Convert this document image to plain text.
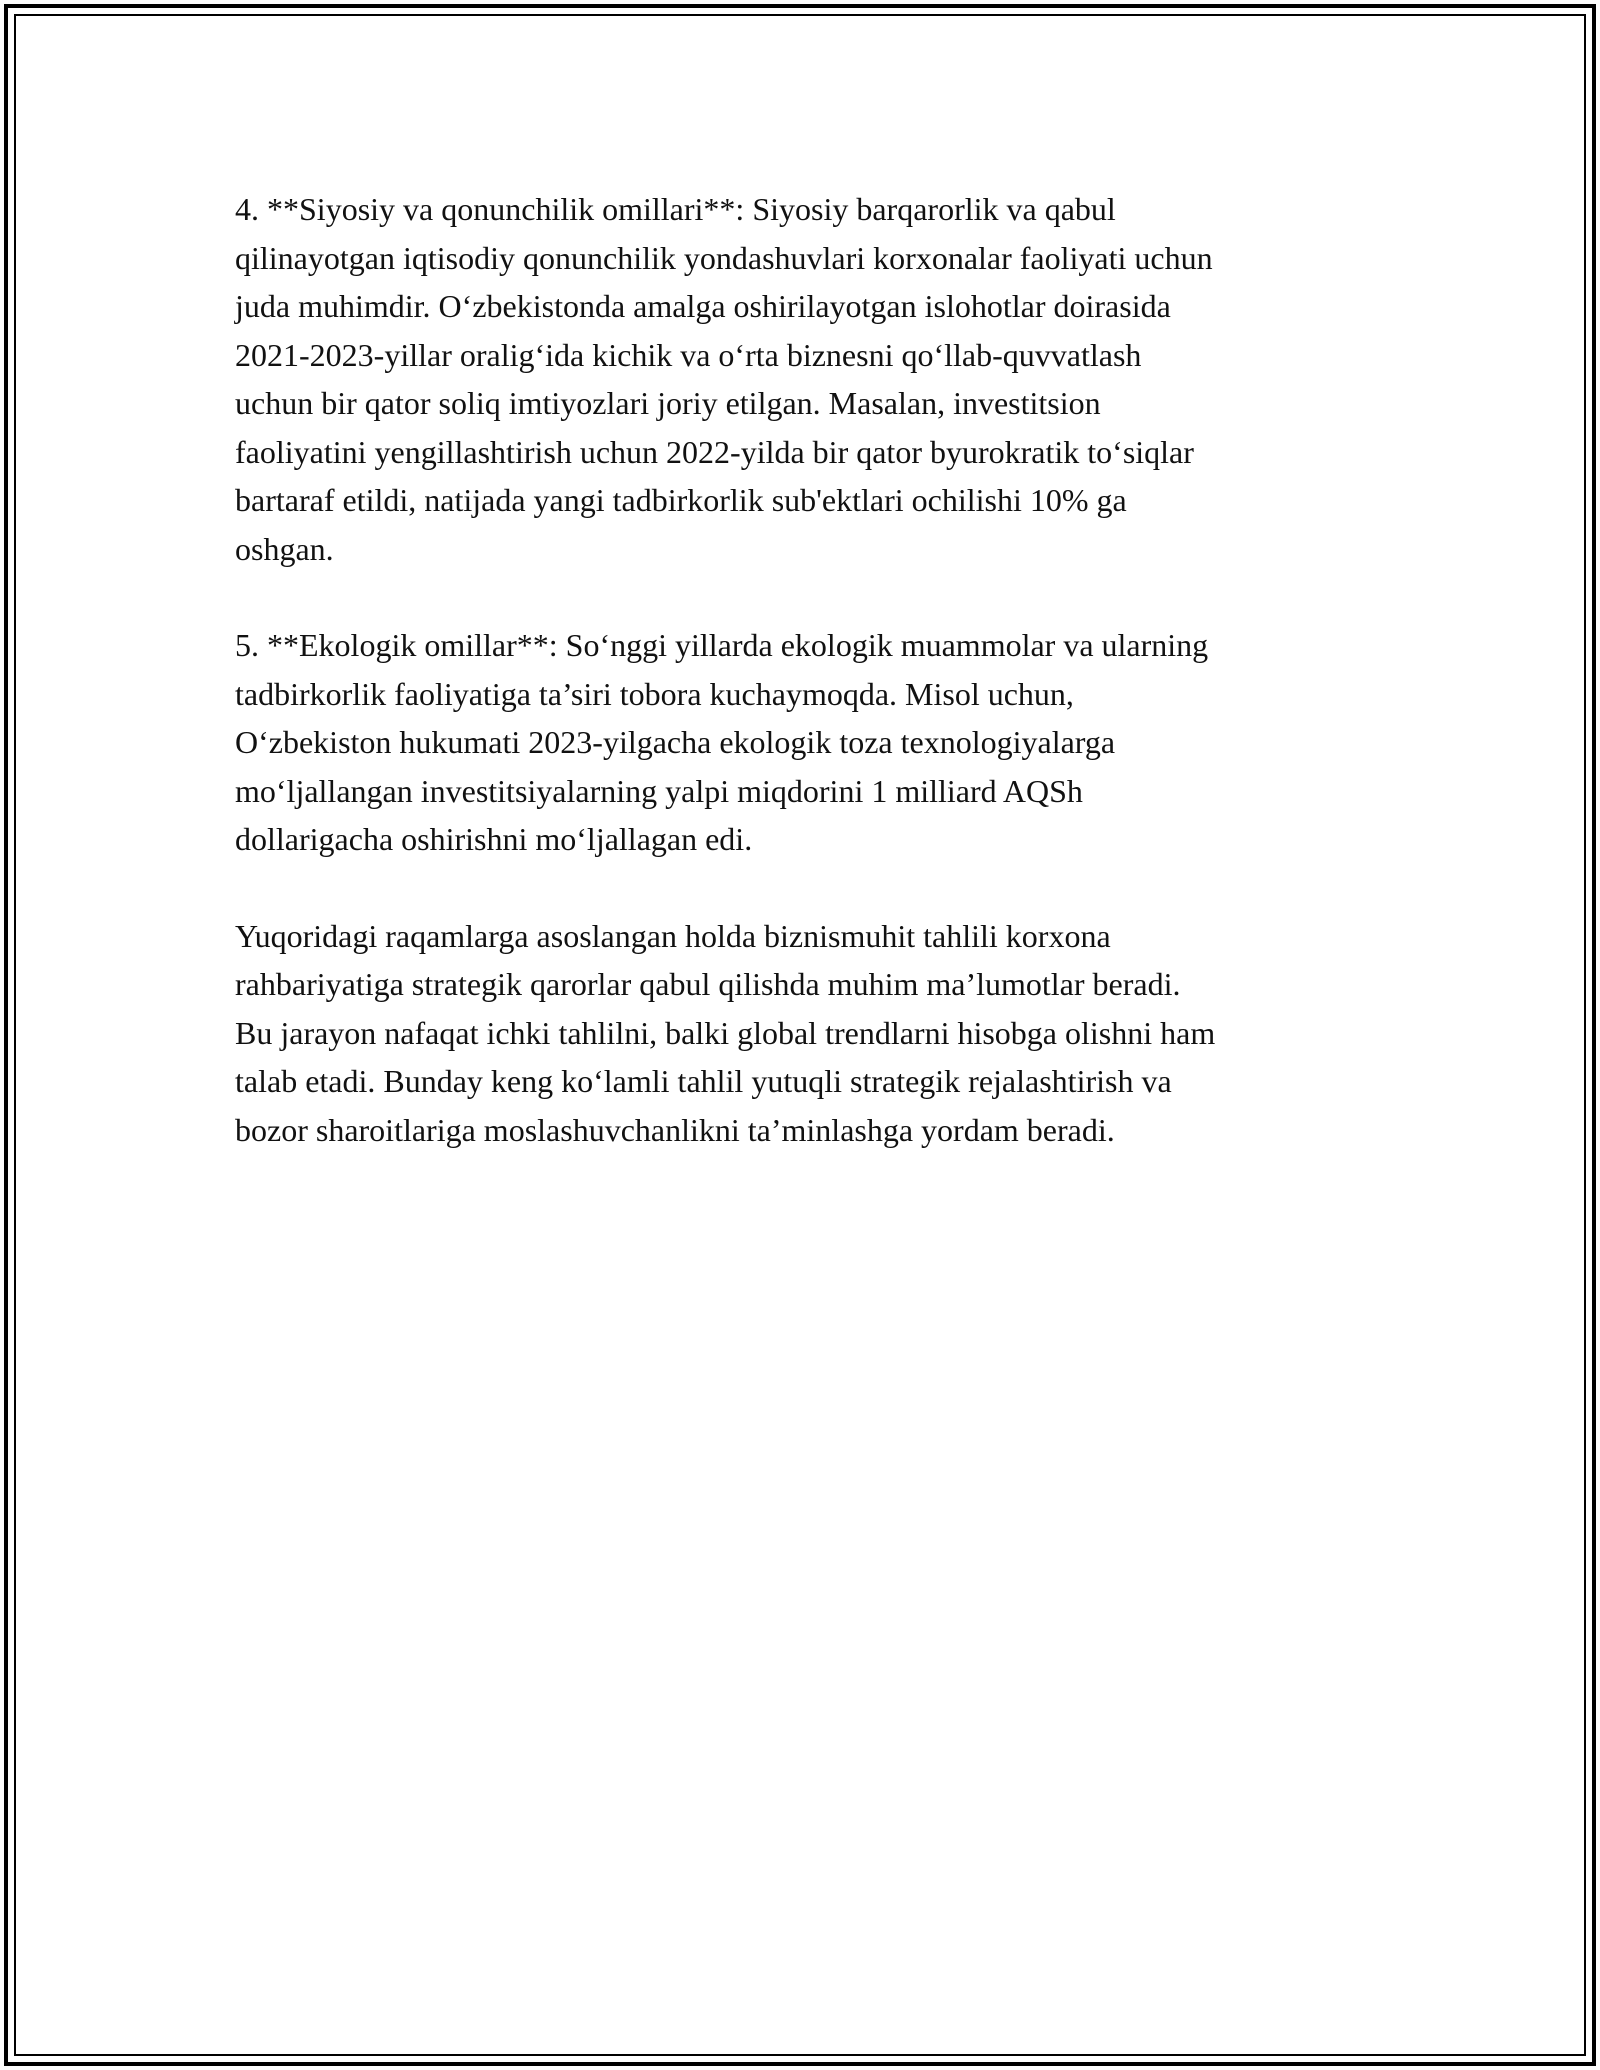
4. **Siyosiy va qonunchilik omillari**: Siyosiy barqarorlik va qabul
qilinayotgan iqtisodiy qonunchilik yondashuvlari korxonalar faoliyati uchun
juda muhimdir. O‘zbekistonda amalga oshirilayotgan islohotlar doirasida
2021-2023-yillar oralig‘ida kichik va o‘rta biznesni qo‘llab-quvvatlash
uchun bir qator soliq imtiyozlari joriy etilgan. Masalan, investitsion
faoliyatini yengillashtirish uchun 2022-yilda bir qator byurokratik to‘siqlar
bartaraf etildi, natijada yangi tadbirkorlik sub'ektlari ochilishi 10% ga
oshgan.

5. **Ekologik omillar**: So‘nggi yillarda ekologik muammolar va ularning
tadbirkorlik faoliyatiga ta’siri tobora kuchaymoqda. Misol uchun,
O‘zbekiston hukumati 2023-yilgacha ekologik toza texnologiyalarga
mo‘ljallangan investitsiyalarning yalpi miqdorini 1 milliard AQSh
dollarigacha oshirishni mo‘ljallagan edi.

Yuqoridagi raqamlarga asoslangan holda biznismuhit tahlili korxona
rahbariyatiga strategik qarorlar qabul qilishda muhim ma’lumotlar beradi.
Bu jarayon nafaqat ichki tahlilni, balki global trendlarni hisobga olishni ham
talab etadi. Bunday keng ko‘lamli tahlil yutuqli strategik rejalashtirish va
bozor sharoitlariga moslashuvchanlikni ta’minlashga yordam beradi.
